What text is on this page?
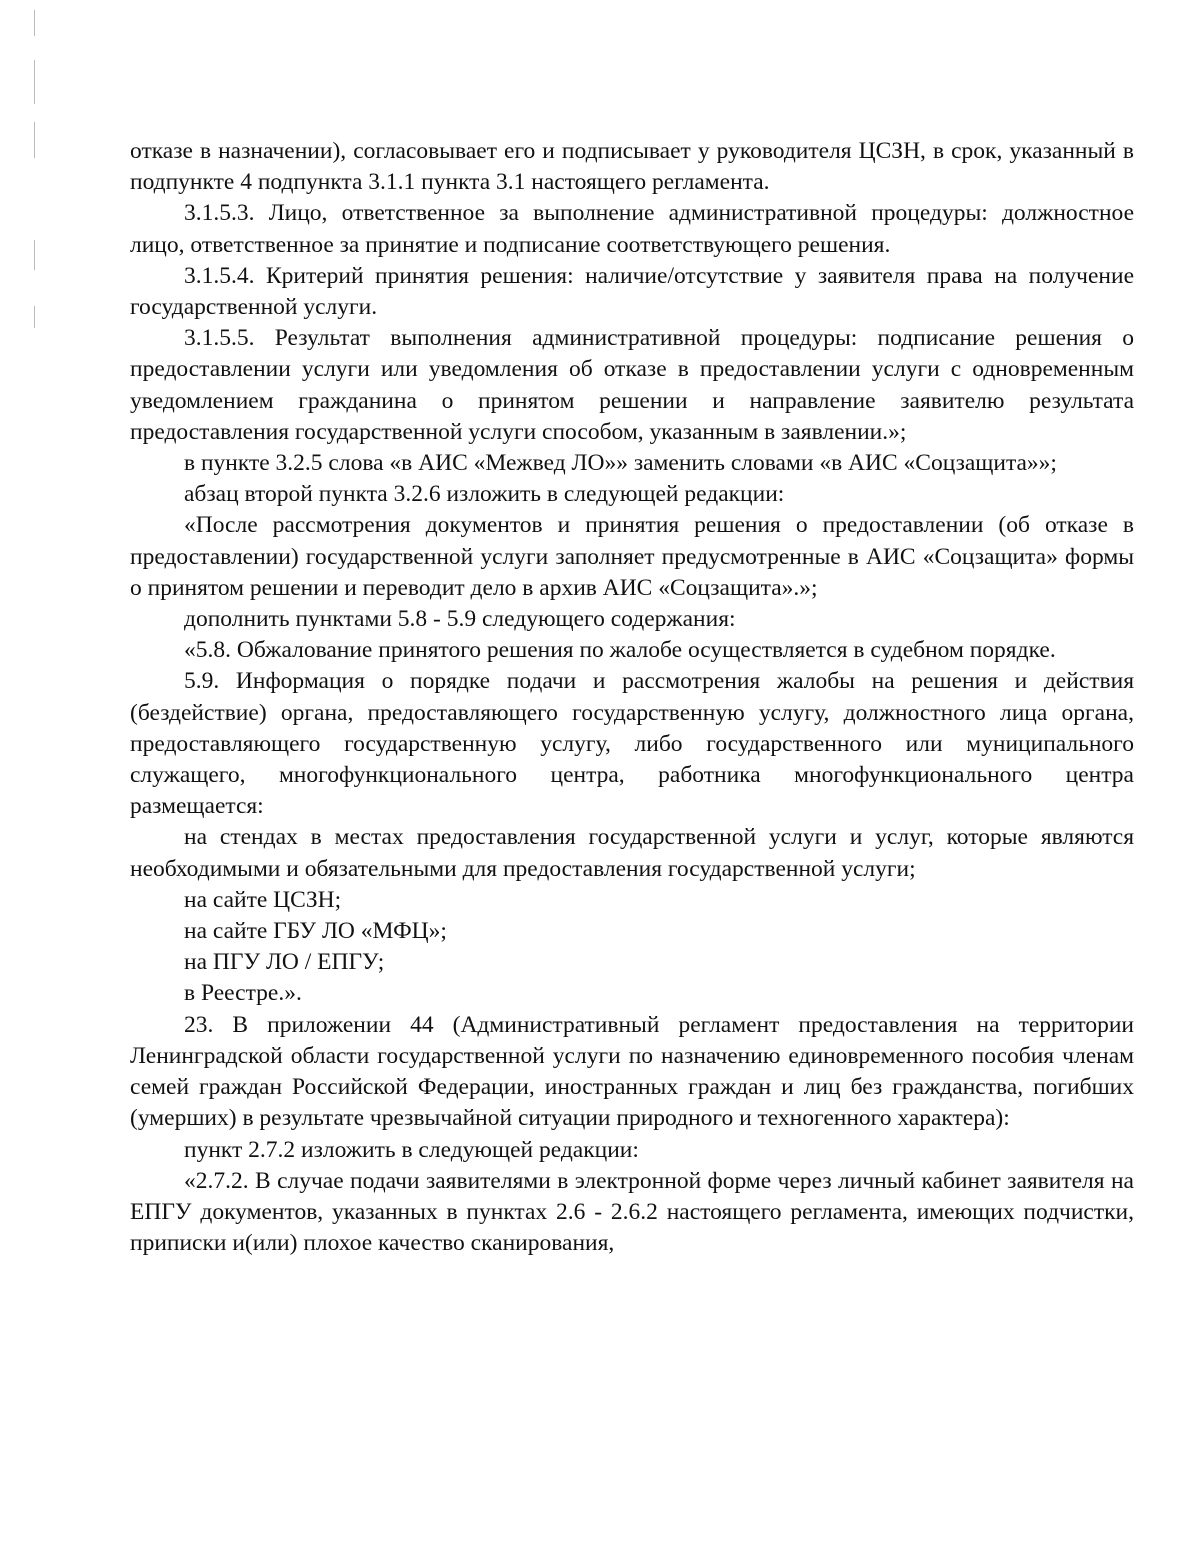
отказе в назначении), согласовывает его и подписывает у руководителя ЦСЗН, в срок, указанный в подпункте 4 подпункта 3.1.1 пункта 3.1 настоящего регламента.

3.1.5.3. Лицо, ответственное за выполнение административной процедуры: должностное лицо, ответственное за принятие и подписание соответствующего решения.

3.1.5.4. Критерий принятия решения: наличие/отсутствие у заявителя права на получение государственной услуги.

3.1.5.5. Результат выполнения административной процедуры: подписание решения о предоставлении услуги или уведомления об отказе в предоставлении услуги с одновременным уведомлением гражданина о принятом решении и направление заявителю результата предоставления государственной услуги способом, указанным в заявлении.»;

в пункте 3.2.5 слова «в АИС «Межвед ЛО»» заменить словами «в АИС «Соцзащита»»;

абзац второй пункта 3.2.6 изложить в следующей редакции:

«После рассмотрения документов и принятия решения о предоставлении (об отказе в предоставлении) государственной услуги заполняет предусмотренные в АИС «Соцзащита» формы о принятом решении и переводит дело в архив АИС «Соцзащита».»;

дополнить пунктами 5.8 - 5.9 следующего содержания:

«5.8. Обжалование принятого решения по жалобе осуществляется в судебном порядке.

5.9. Информация о порядке подачи и рассмотрения жалобы на решения и действия (бездействие) органа, предоставляющего государственную услугу, должностного лица органа, предоставляющего государственную услугу, либо государственного или муниципального служащего, многофункционального центра, работника многофункционального центра размещается:

на стендах в местах предоставления государственной услуги и услуг, которые являются необходимыми и обязательными для предоставления государственной услуги;

на сайте ЦСЗН;

на сайте ГБУ ЛО «МФЦ»;

на ПГУ ЛО / ЕПГУ;

в Реестре.».

23. В приложении 44 (Административный регламент предоставления на территории Ленинградской области государственной услуги по назначению единовременного пособия членам семей граждан Российской Федерации, иностранных граждан и лиц без гражданства, погибших (умерших) в результате чрезвычайной ситуации природного и техногенного характера):

пункт 2.7.2 изложить в следующей редакции:

«2.7.2. В случае подачи заявителями в электронной форме через личный кабинет заявителя на ЕПГУ документов, указанных в пунктах 2.6 - 2.6.2 настоящего регламента, имеющих подчистки, приписки и(или) плохое качество сканирования,
